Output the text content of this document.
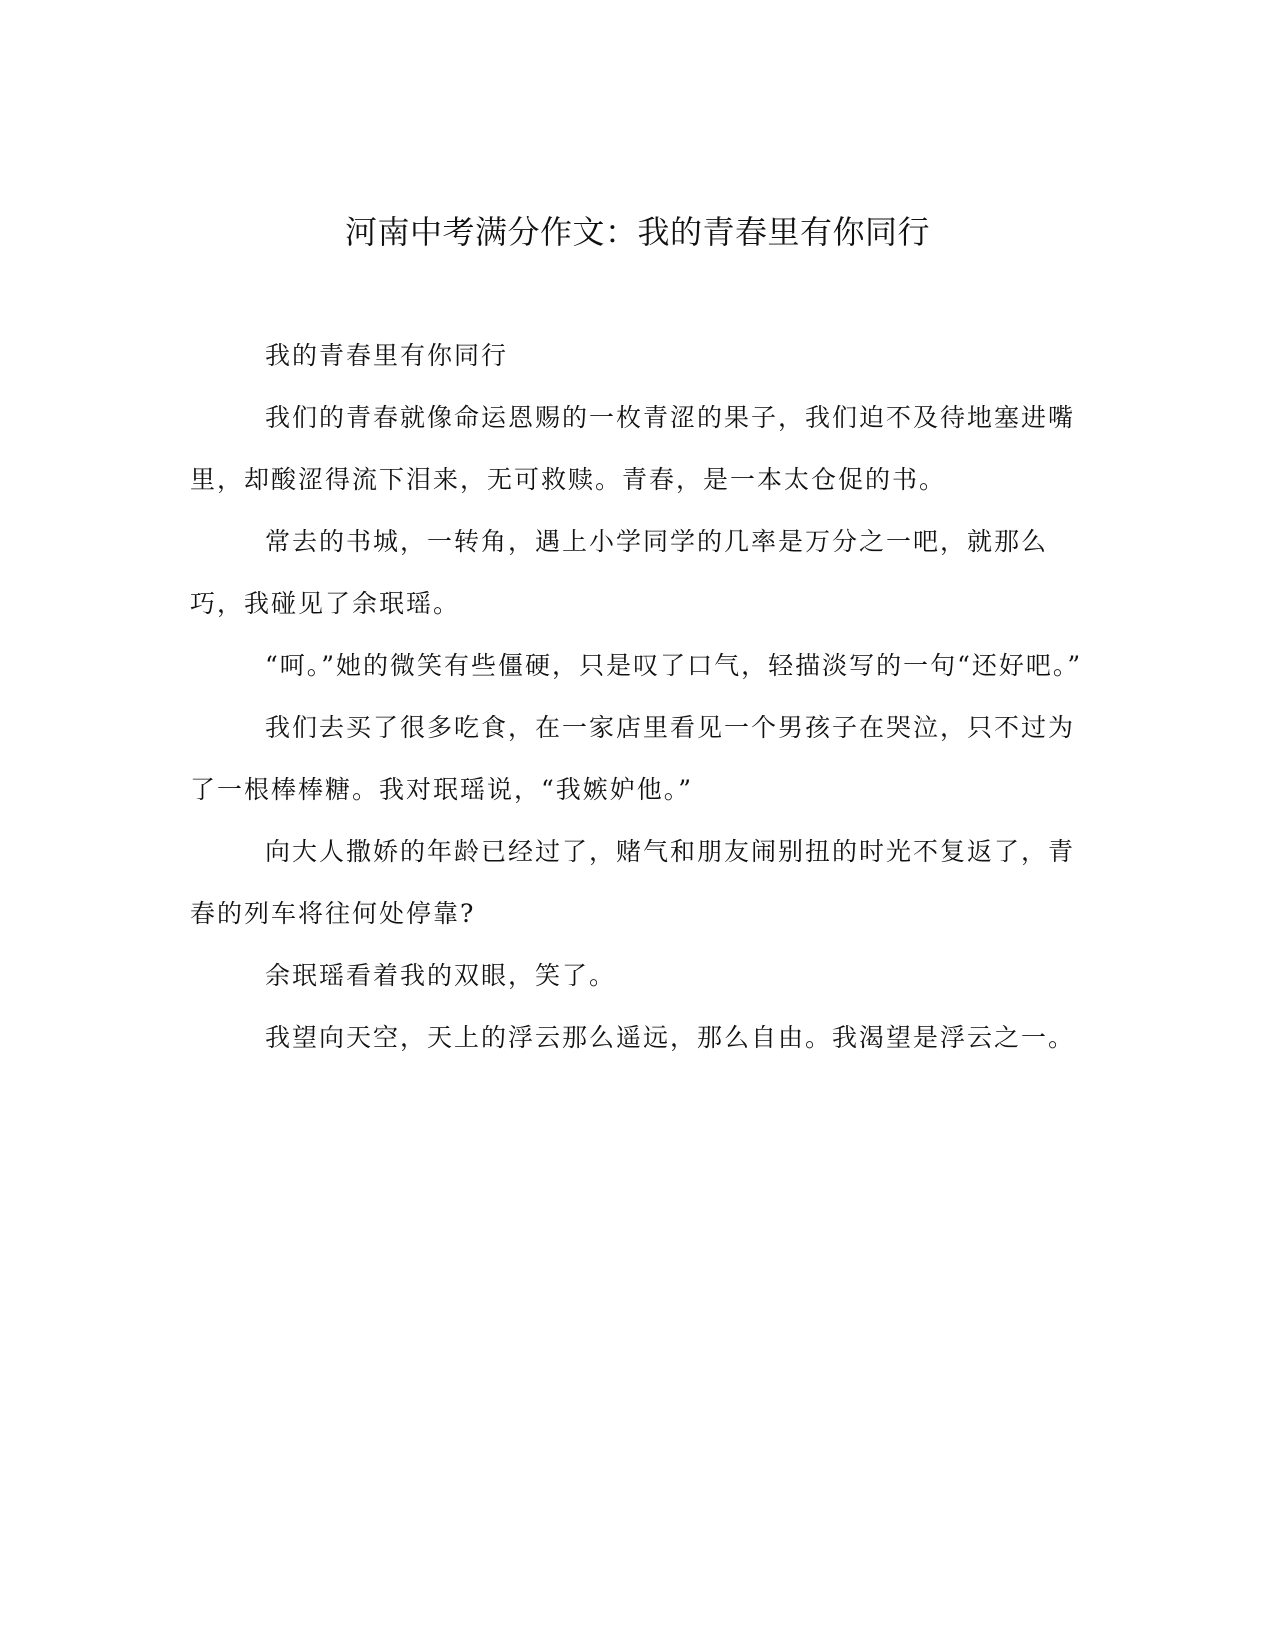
河南中考满分作文：我的青春里有你同行

我的青春里有你同行

我们的青春就像命运恩赐的一枚青涩的果子，我们迫不及待地塞进嘴里，却酸涩得流下泪来，无可救赎。青春，是一本太仓促的书。

常去的书城，一转角，遇上小学同学的几率是万分之一吧，就那么巧，我碰见了余珉瑶。

“呵。”她的微笑有些僵硬，只是叹了口气，轻描淡写的一句“还好吧。”

我们去买了很多吃食，在一家店里看见一个男孩子在哭泣，只不过为了一根棒棒糖。我对珉瑶说，“我嫉妒他。”

向大人撒娇的年龄已经过了，赌气和朋友闹别扭的时光不复返了，青春的列车将往何处停靠?

余珉瑶看着我的双眼，笑了。

我望向天空，天上的浮云那么遥远，那么自由。我渴望是浮云之一。
